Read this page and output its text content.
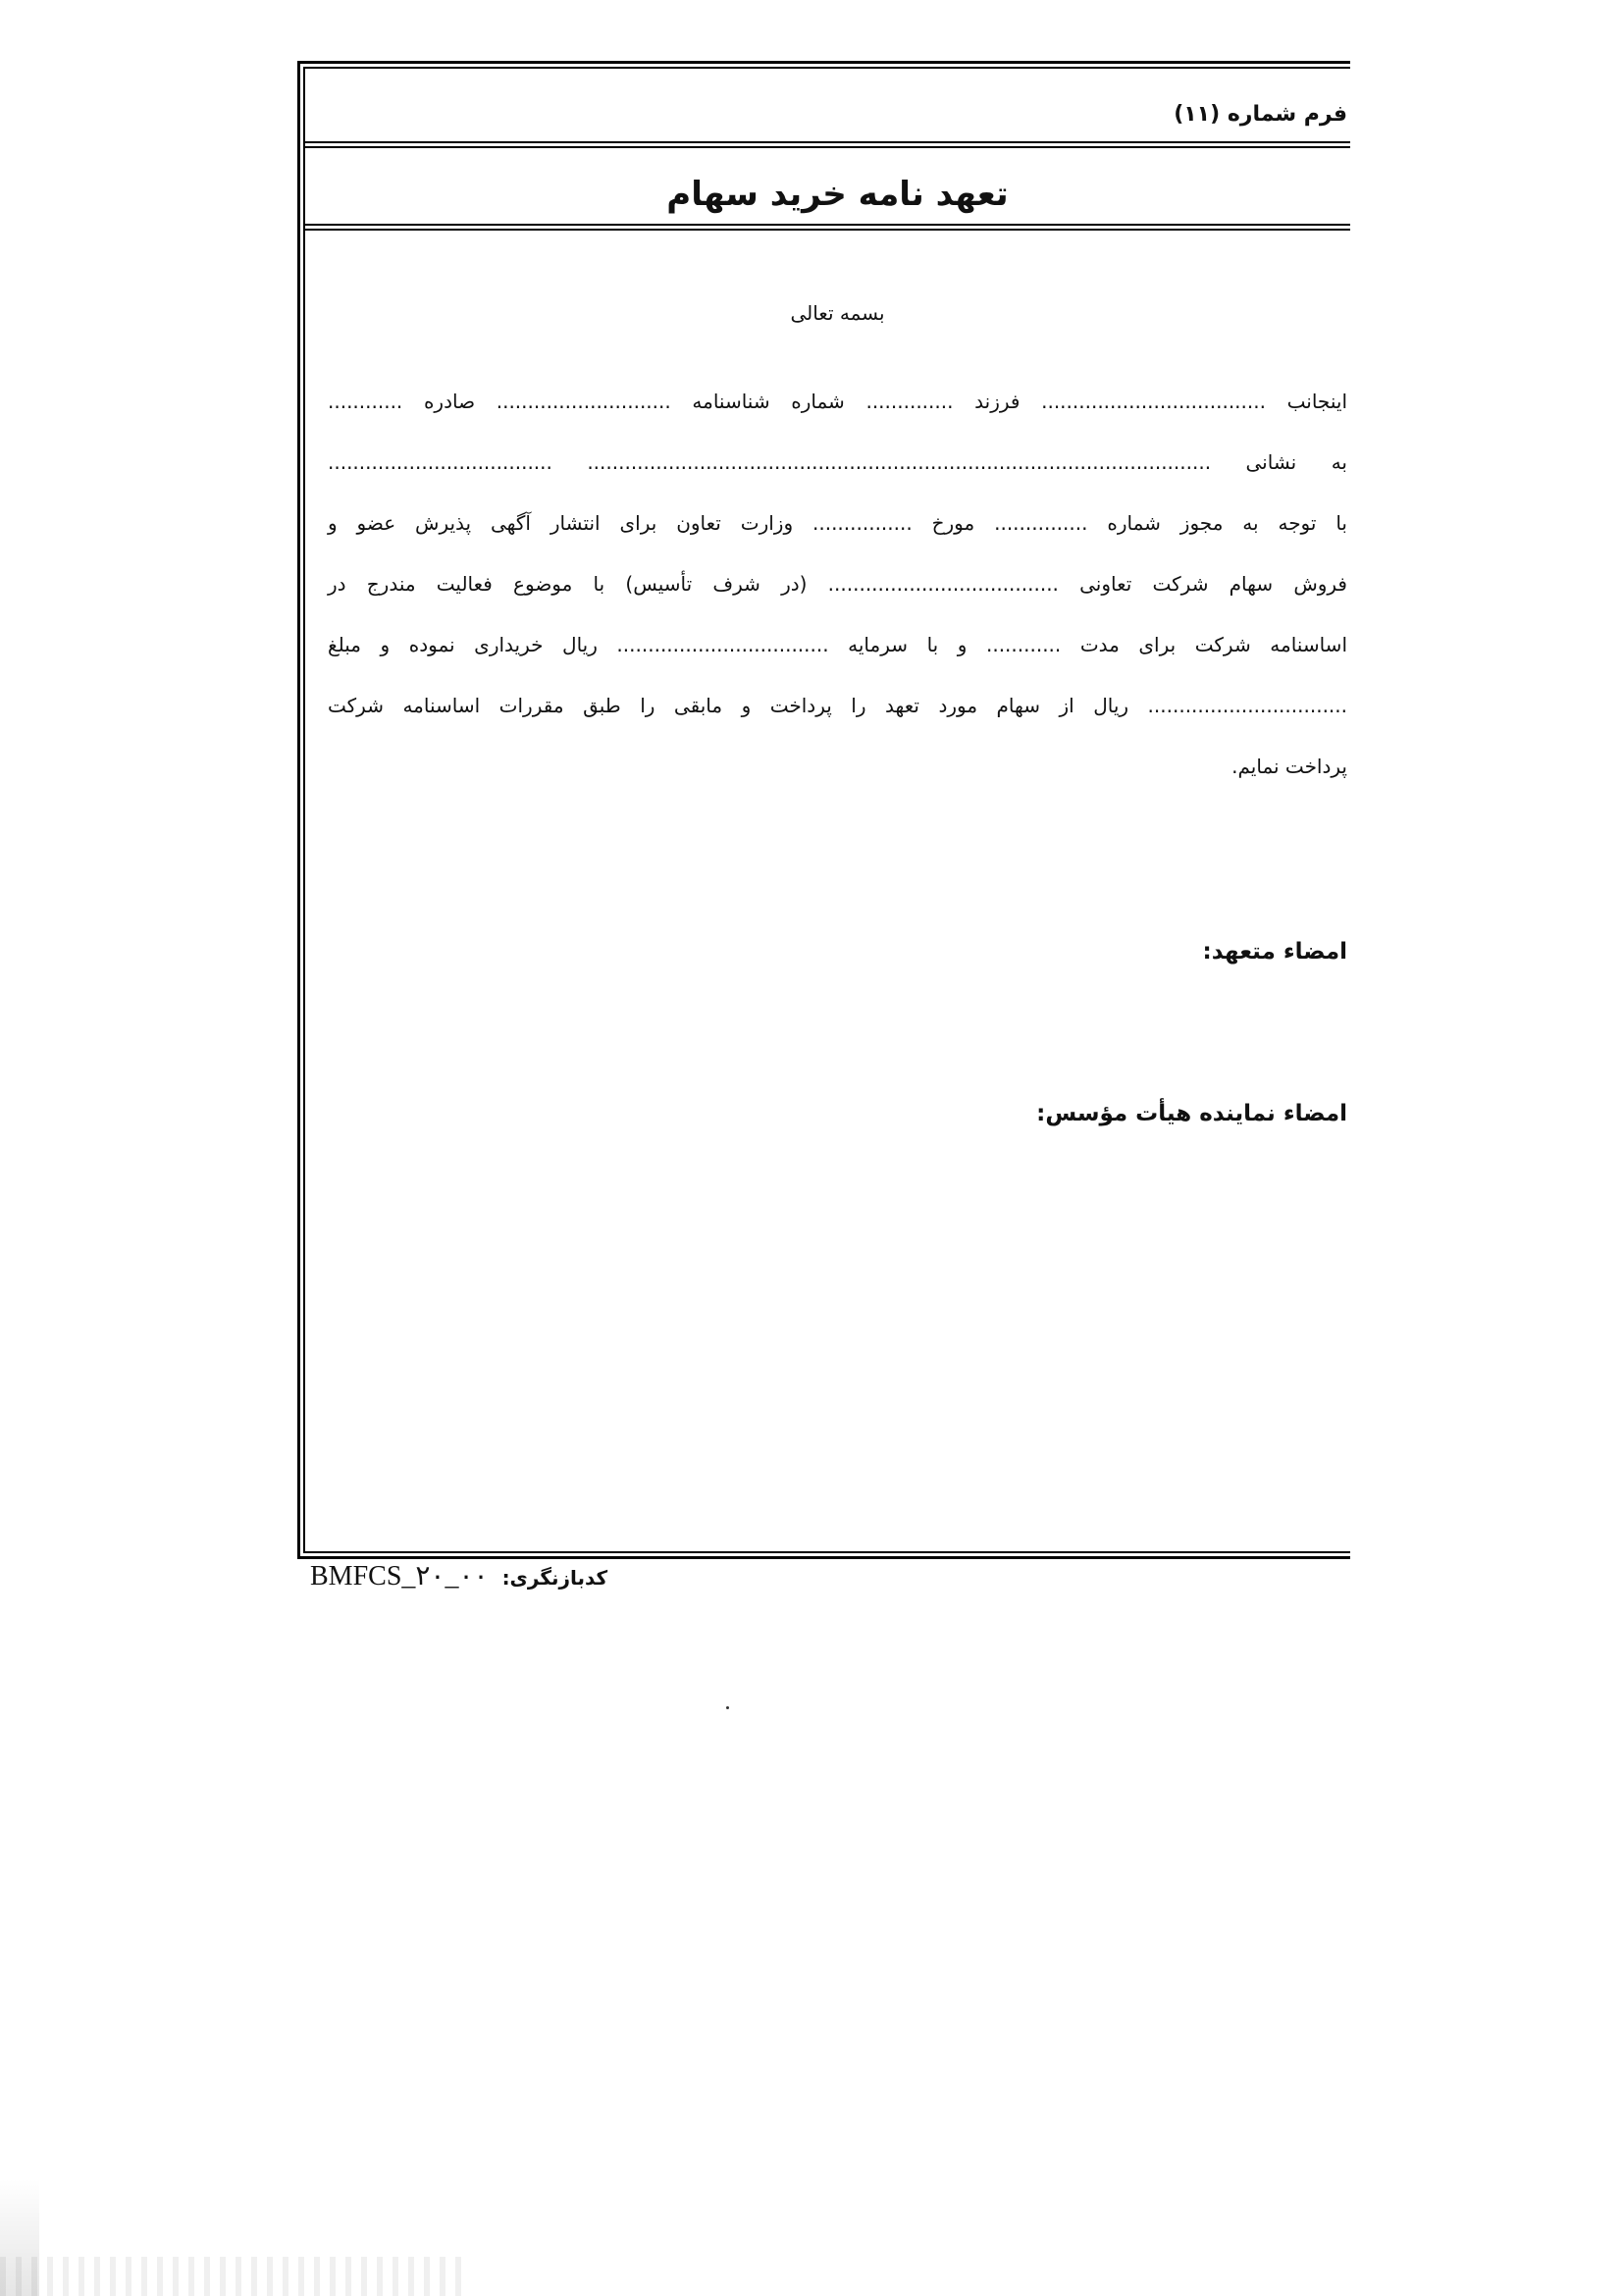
فرم شماره (۱۱)
تعهد نامه خرید سهام
بسمه تعالی
اینجانب .................................... فرزند .............. شماره شناسنامه ............................ صادره ............
به نشانی .................................................................................................... ....................................
با توجه به مجوز شماره ............... مورخ ................ وزارت تعاون برای انتشار آگهی پذیرش عضو و
فروش سهام شرکت تعاونی ..................................... (در شرف تأسیس) با موضوع فعالیت مندرج در
اساسنامه شرکت برای مدت ............ و با سرمایه .................................. ریال خریداری نموده و مبلغ
................................ ریال از سهام مورد تعهد را پرداخت و مابقی را طبق مقررات اساسنامه شرکت
پرداخت نمایم.
امضاء متعهد:
امضاء نماینده هیأت مؤسس:
BMFCS_۲۰_۰۰ کدبازنگری:
